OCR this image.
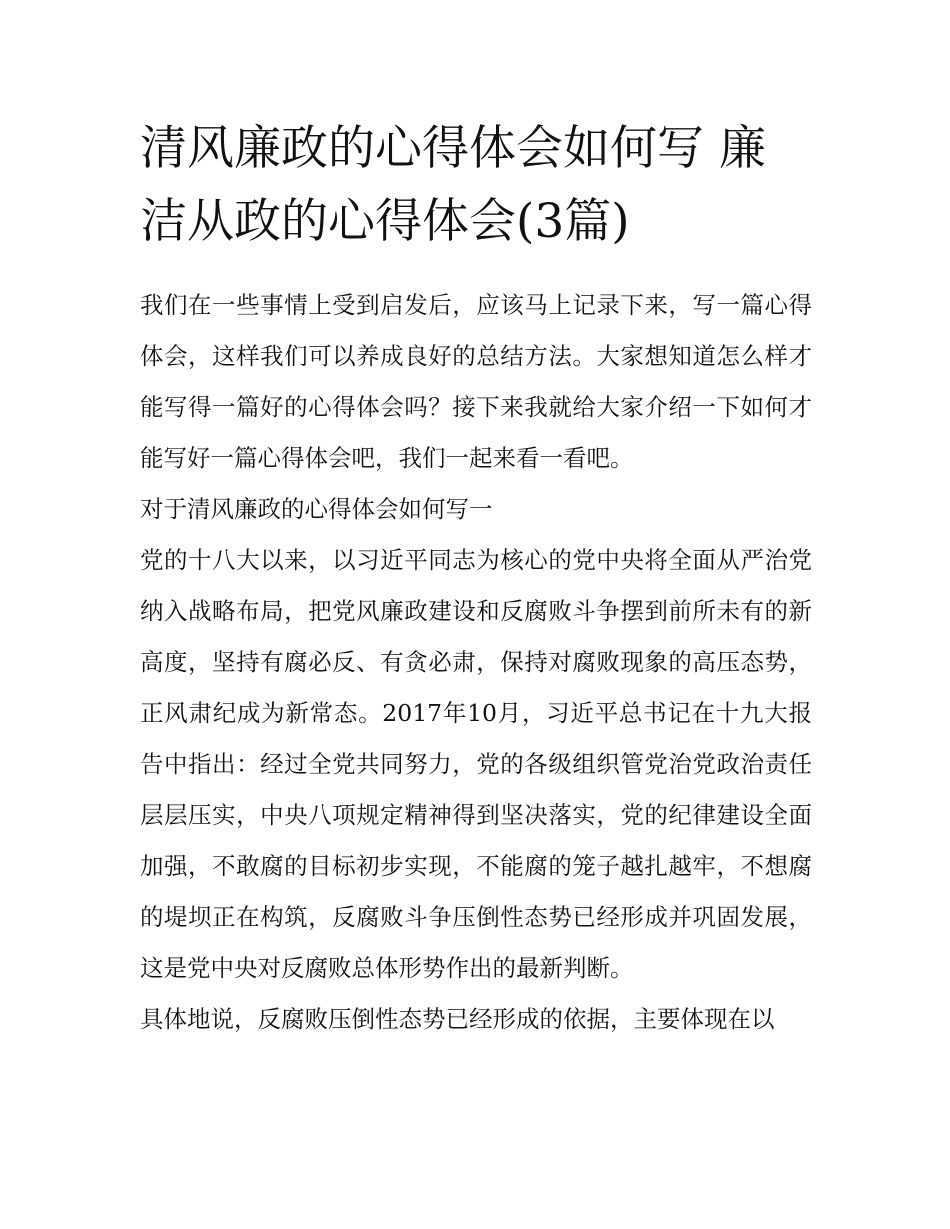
清风廉政的心得体会如何写 廉洁从政的心得体会(3篇)

我们在一些事情上受到启发后，应该马上记录下来，写一篇心得体会，这样我们可以养成良好的总结方法。大家想知道怎么样才能写得一篇好的心得体会吗？接下来我就给大家介绍一下如何才能写好一篇心得体会吧，我们一起来看一看吧。

对于清风廉政的心得体会如何写一

党的十八大以来，以习近平同志为核心的党中央将全面从严治党纳入战略布局，把党风廉政建设和反腐败斗争摆到前所未有的新高度，坚持有腐必反、有贪必肃，保持对腐败现象的高压态势，正风肃纪成为新常态。2017年10月，习近平总书记在十九大报告中指出：经过全党共同努力，党的各级组织管党治党政治责任层层压实，中央八项规定精神得到坚决落实，党的纪律建设全面加强，不敢腐的目标初步实现，不能腐的笼子越扎越牢，不想腐的堤坝正在构筑，反腐败斗争压倒性态势已经形成并巩固发展，这是党中央对反腐败总体形势作出的最新判断。

具体地说，反腐败压倒性态势已经形成的依据，主要体现在以
